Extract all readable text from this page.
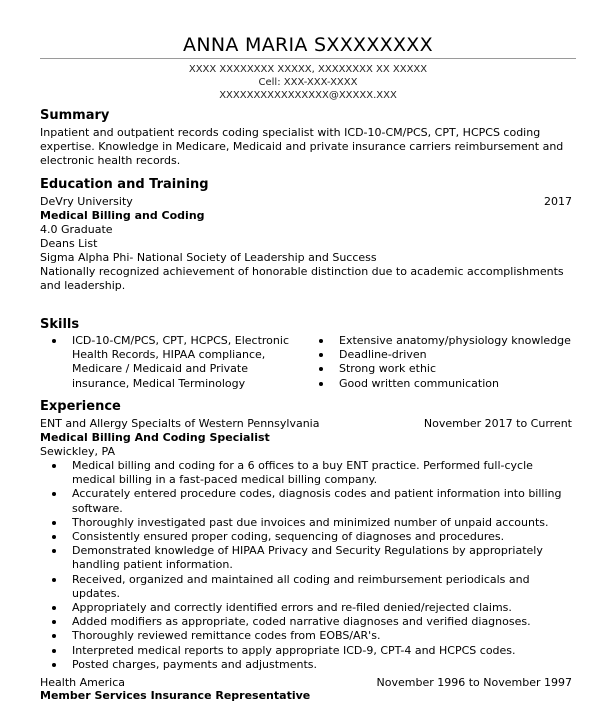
ANNA MARIA SXXXXXXXX
XXXX XXXXXXXX XXXXX, XXXXXXXX XX XXXXX
Cell: XXX-XXX-XXXX
XXXXXXXXXXXXXXXX@XXXXX.XXX
Summary
Inpatient and outpatient records coding specialist with ICD-10-CM/PCS, CPT, HCPCS coding expertise. Knowledge in Medicare, Medicaid and private insurance carriers reimbursement and electronic health records.
Education and Training
DeVry University	2017
Medical Billing and Coding
4.0 Graduate
Deans List
Sigma Alpha Phi- National Society of Leadership and Success
Nationally recognized achievement of honorable distinction due to academic accomplishments and leadership.
Skills
ICD-10-CM/PCS, CPT, HCPCS, Electronic Health Records, HIPAA compliance, Medicare / Medicaid and Private insurance, Medical Terminology
Extensive anatomy/physiology knowledge
Deadline-driven
Strong work ethic
Good written communication
Experience
ENT and Allergy Specialts of Western Pennsylvania	November 2017 to Current
Medical Billing And Coding Specialist
Sewickley, PA
Medical billing and coding for a 6 offices to a buy ENT practice. Performed full-cycle medical billing in a fast-paced medical billing company.
Accurately entered procedure codes, diagnosis codes and patient information into billing software.
Thoroughly investigated past due invoices and minimized number of unpaid accounts.
Consistently ensured proper coding, sequencing of diagnoses and procedures.
Demonstrated knowledge of HIPAA Privacy and Security Regulations by appropriately handling patient information.
Received, organized and maintained all coding and reimbursement periodicals and updates.
Appropriately and correctly identified errors and re-filed denied/rejected claims.
Added modifiers as appropriate, coded narrative diagnoses and verified diagnoses.
Thoroughly reviewed remittance codes from EOBS/AR's.
Interpreted medical reports to apply appropriate ICD-9, CPT-4 and HCPCS codes.
Posted charges, payments and adjustments.
Health America	November 1996 to November 1997
Member Services Insurance Representative
